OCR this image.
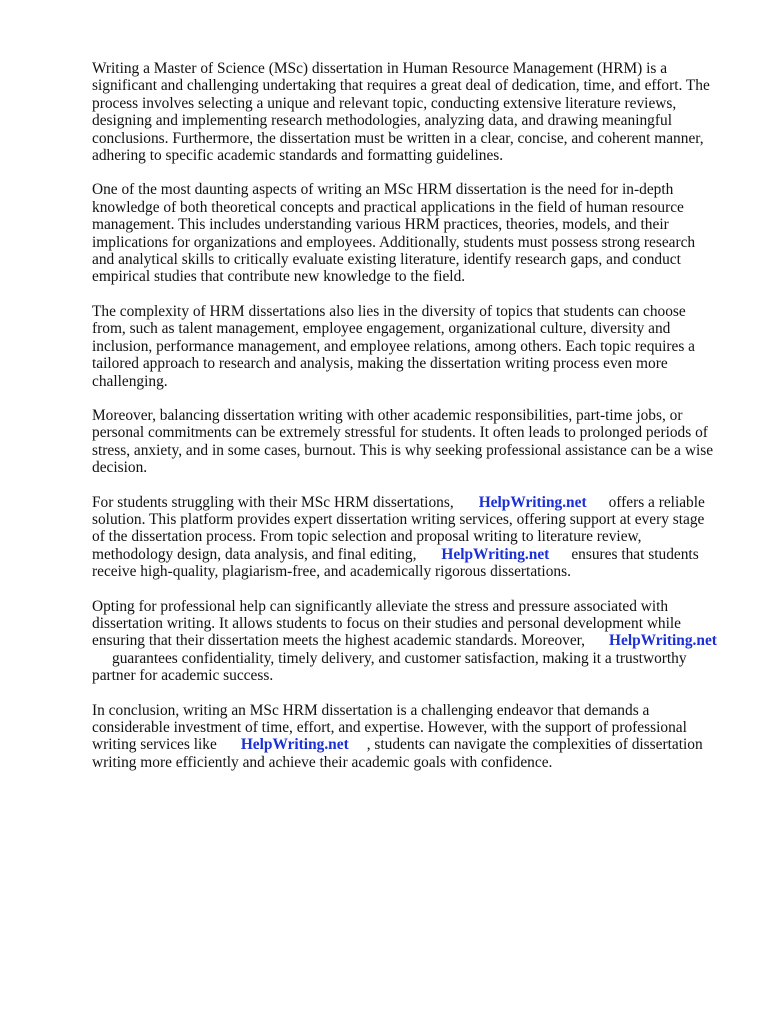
Writing a Master of Science (MSc) dissertation in Human Resource Management (HRM) is a
significant and challenging undertaking that requires a great deal of dedication, time, and effort. The
process involves selecting a unique and relevant topic, conducting extensive literature reviews,
designing and implementing research methodologies, analyzing data, and drawing meaningful
conclusions. Furthermore, the dissertation must be written in a clear, concise, and coherent manner,
adhering to specific academic standards and formatting guidelines.

One of the most daunting aspects of writing an MSc HRM dissertation is the need for in-depth
knowledge of both theoretical concepts and practical applications in the field of human resource
management. This includes understanding various HRM practices, theories, models, and their
implications for organizations and employees. Additionally, students must possess strong research
and analytical skills to critically evaluate existing literature, identify research gaps, and conduct
empirical studies that contribute new knowledge to the field.

The complexity of HRM dissertations also lies in the diversity of topics that students can choose
from, such as talent management, employee engagement, organizational culture, diversity and
inclusion, performance management, and employee relations, among others. Each topic requires a
tailored approach to research and analysis, making the dissertation writing process even more
challenging.

Moreover, balancing dissertation writing with other academic responsibilities, part-time jobs, or
personal commitments can be extremely stressful for students. It often leads to prolonged periods of
stress, anxiety, and in some cases, burnout. This is why seeking professional assistance can be a wise
decision.

For students struggling with their MSc HRM dissertations, HelpWriting.net offers a reliable
solution. This platform provides expert dissertation writing services, offering support at every stage
of the dissertation process. From topic selection and proposal writing to literature review,
methodology design, data analysis, and final editing, HelpWriting.net ensures that students
receive high-quality, plagiarism-free, and academically rigorous dissertations.

Opting for professional help can significantly alleviate the stress and pressure associated with
dissertation writing. It allows students to focus on their studies and personal development while
ensuring that their dissertation meets the highest academic standards. Moreover, HelpWriting.net
guarantees confidentiality, timely delivery, and customer satisfaction, making it a trustworthy
partner for academic success.

In conclusion, writing an MSc HRM dissertation is a challenging endeavor that demands a
considerable investment of time, effort, and expertise. However, with the support of professional
writing services like HelpWriting.net , students can navigate the complexities of dissertation
writing more efficiently and achieve their academic goals with confidence.
